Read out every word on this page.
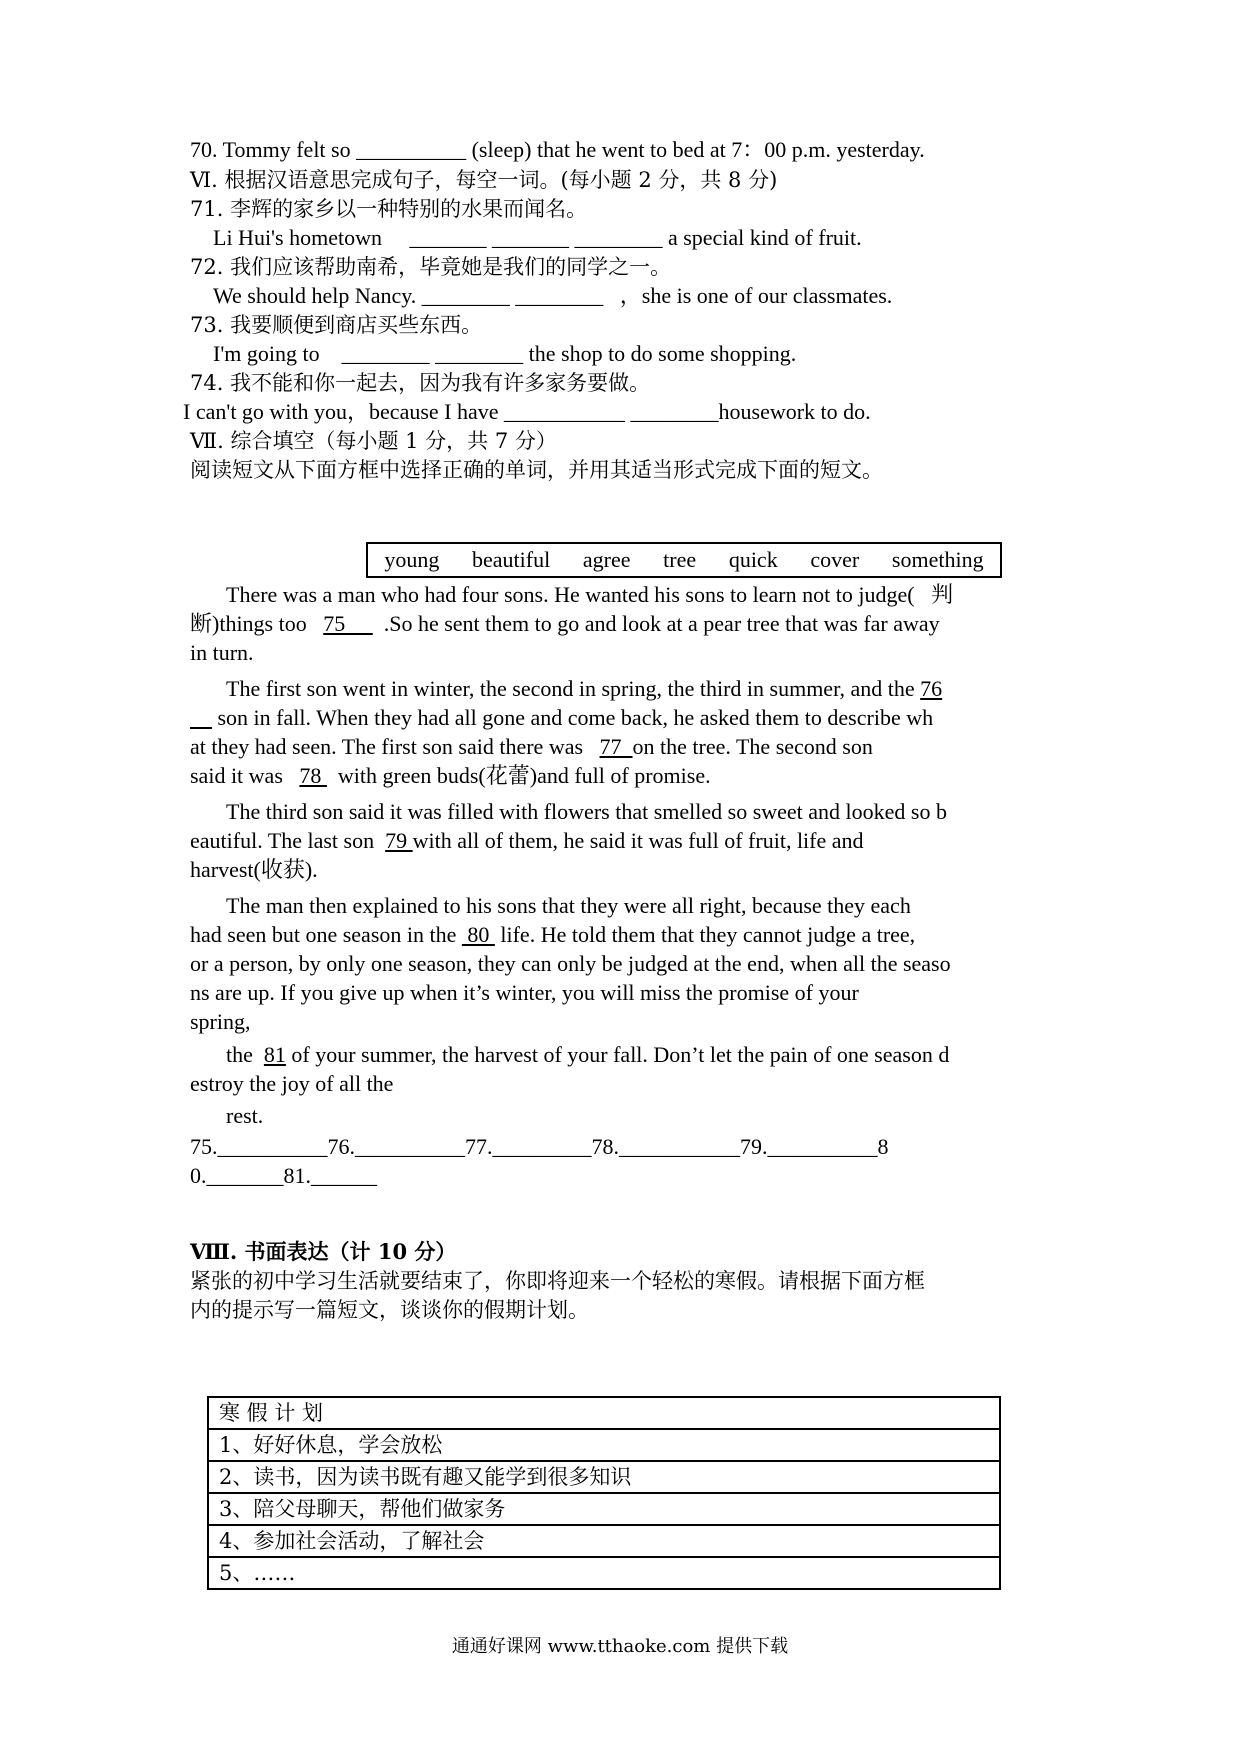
70. Tommy felt so __________ (sleep) that he went to bed at 7：00 p.m. yesterday.
Ⅵ. 根据汉语意思完成句子，每空一词。(每小题 2 分，共 8 分)
71. 李辉的家乡以一种特别的水果而闻名。
Li Hui's hometown     _______ _______ ________ a special kind of fruit.
72. 我们应该帮助南希，毕竟她是我们的同学之一。
We should help Nancy. ________ ________   ，she is one of our classmates.
73. 我要顺便到商店买些东西。
I'm going to    ________ ________ the shop to do some shopping.
74. 我不能和你一起去，因为我有许多家务要做。
I can't go with you，because I have ___________ ________housework to do.
Ⅶ. 综合填空（每小题 1 分，共 7 分）
阅读短文从下面方框中选择正确的单词，并用其适当形式完成下面的短文。
young beautiful agree tree quick cover something
There was a man who had four sons. He wanted his sons to learn not to judge(   判
断)things too   75       .So he sent them to go and look at a pear tree that was far away
in turn.
The first son went in winter, the second in spring, the third in summer, and the 76
son in fall. When they had all gone and come back, he asked them to describe wh
at they had seen. The first son said there was   77  on the tree. The second son
said it was   78   with green buds(花蕾)and full of promise.
The third son said it was filled with flowers that smelled so sweet and looked so b
eautiful. The last son  79 with all of them, he said it was full of fruit, life and
harvest(收获).
The man then explained to his sons that they were all right, because they each
had seen but one season in the  80  life. He told them that they cannot judge a tree,
or a person, by only one season, they can only be judged at the end, when all the seaso
ns are up. If you give up when it’s winter, you will miss the promise of your
spring,
the  81 of your summer, the harvest of your fall. Don’t let the pain of one season d
estroy the joy of all the
rest.
75.__________76.__________77._________78.___________79.__________8
0._______81.______
Ⅷ. 书面表达（计 10 分）
紧张的初中学习生活就要结束了，你即将迎来一个轻松的寒假。请根据下面方框
内的提示写一篇短文，谈谈你的假期计划。
寒 假 计 划
1、好好休息，学会放松
2、读书，因为读书既有趣又能学到很多知识
3、陪父母聊天，帮他们做家务
4、参加社会活动，了解社会
5、……
通通好课网 www.tthaoke.com 提供下载
